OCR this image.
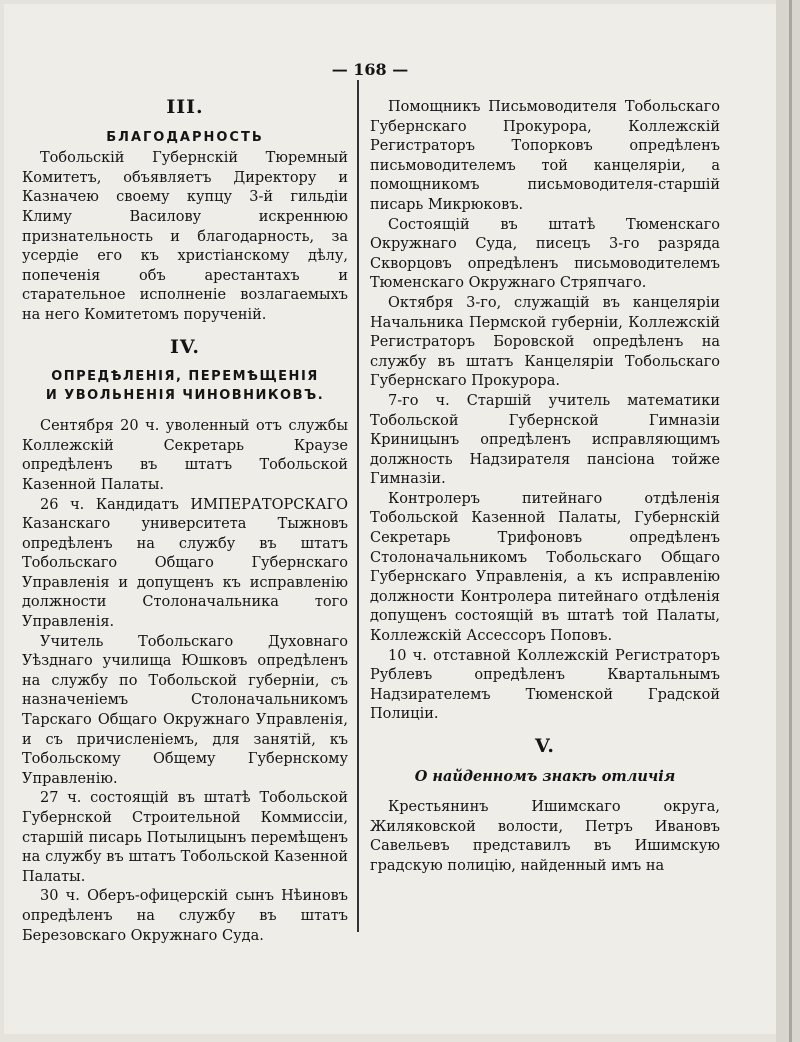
— 168 —
III.
БЛАГОДАРНОСТЬ

Тобольскій Губернскій Тюремный Комитетъ, объявляетъ Директору и Казначею своему купцу 3-й гильдіи Климу Василову искреннюю признательность и благодарность, за усердіе его къ христіанскому дѣлу, попеченія объ арестантахъ и старательное исполненіе возлагаемыхъ на него Комитетомъ порученій.

IV.
ОПРЕДѢЛЕНІЯ, ПЕРЕМѢЩЕНІЯ
И УВОЛЬНЕНІЯ ЧИНОВНИКОВЪ.

Сентября 20 ч. уволенный отъ службы Коллежскій Секретарь Краузе опредѣленъ въ штатъ Тобольской Казенной Палаты.

26 ч. Кандидатъ ИМПЕРАТОРСКАГО Казанскаго университета Тыжновъ опредѣленъ на службу въ штатъ Тобольскаго Общаго Губернскаго Управленія и допущенъ къ исправленію должности Столоначальника того Управленія.

Учитель Тобольскаго Духовнаго Уѣзднаго училища Юшковъ опредѣленъ на службу по Тобольской губерніи, съ назначеніемъ Столоначальникомъ Тарскаго Общаго Окружнаго Управленія, и съ причисленіемъ, для занятій, къ Тобольскому Общему Губернскому Управленію.

27 ч. состоящій въ штатѣ Тобольской Губернской Строительной Коммиссіи, старшій писарь Потылицынъ перемѣщенъ на службу въ штатъ Тобольской Казенной Палаты.

30 ч. Оберъ-офицерскій сынъ Нѣиновъ опредѣленъ на службу въ штатъ Березовскаго Окружнаго Суда.

Помощникъ Письмоводителя Тобольскаго Губернскаго Прокурора, Коллежскій Регистраторъ Топорковъ опредѣленъ письмоводителемъ той канцеляріи, а помощникомъ письмоводителя-старшій писарь Микрюковъ.

Состоящій въ штатѣ Тюменскаго Окружнаго Суда, писецъ 3-го разряда Скворцовъ опредѣленъ письмоводителемъ Тюменскаго Окружнаго Стряпчаго.

Октября 3-го, служащій въ канцеляріи Начальника Пермской губерніи, Коллежскій Регистраторъ Боровской опредѣленъ на службу въ штатъ Канцеляріи Тобольскаго Губернскаго Прокурора.

7-го ч. Старшій учитель математики Тобольской Губернской Гимназіи Криницынъ опредѣленъ исправляющимъ должность Надзирателя пансіона тойже Гимназіи.

Контролеръ питейнаго отдѣленія Тобольской Казенной Палаты, Губернскій Секретарь Трифоновъ опредѣленъ Столоначальникомъ Тобольскаго Общаго Губернскаго Управленія, а къ исправленію должности Контролера питейнаго отдѣленія допущенъ состоящій въ штатѣ той Палаты, Коллежскій Ассессоръ Поповъ.

10 ч. отставной Коллежскій Регистраторъ Рублевъ опредѣленъ Квартальнымъ Надзирателемъ Тюменской Градской Полиціи.

V.

О найденномъ знакѣ отличія

Крестьянинъ Ишимскаго округа, Жиляковской волости, Петръ Ивановъ Савельевъ представилъ въ Ишимскую градскую полицію, найденный имъ на
